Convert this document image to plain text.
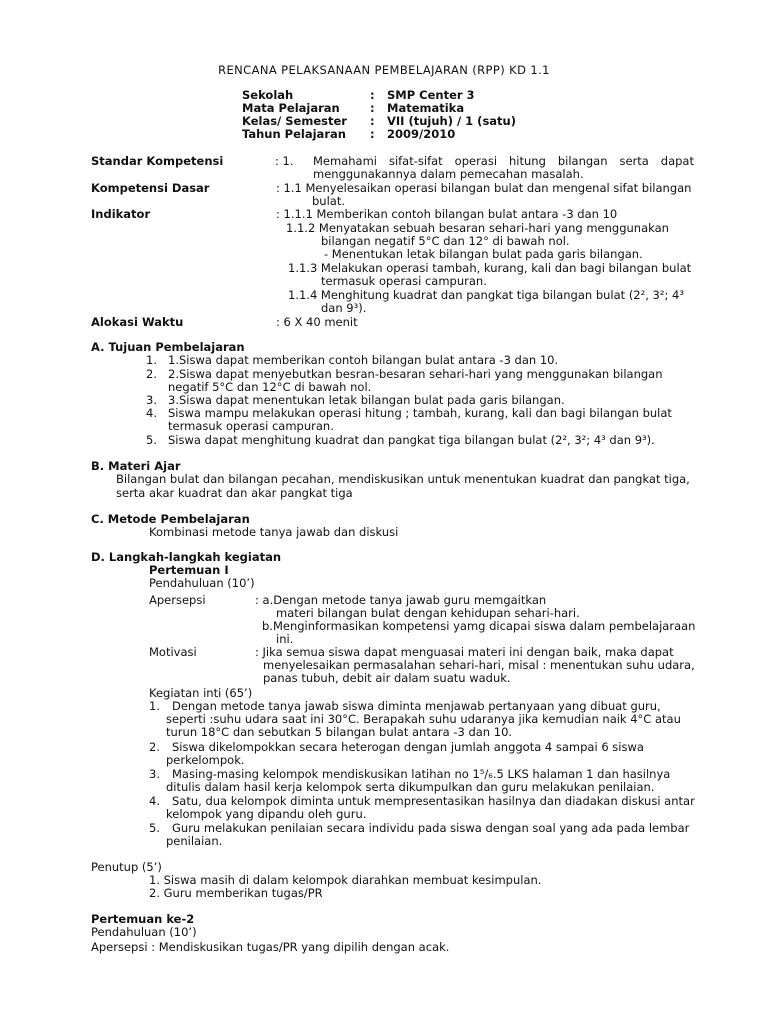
RENCANA PELAKSANAAN PEMBELAJARAN (RPP) KD 1.1
Sekolah	: SMP Center 3
Mata Pelajaran	: Matematika
Kelas/ Semester : VII (tujuh) / 1 (satu)
Tahun Pelajaran : 2009/2010
Standar Kompetensi	: 1. Memahami sifat-sifat operasi hitung bilangan serta dapat
menggunakannya dalam pemecahan masalah.
Kompetensi Dasar	: 1.1 Menyelesaikan operasi bilangan bulat dan mengenal sifat bilangan
bulat.
Indikator	: 1.1.1 Memberikan contoh bilangan bulat antara -3 dan 10
1.1.2 Menyatakan sebuah besaran sehari-hari yang menggunakan
bilangan negatif 5°C dan 12° di bawah nol.
- Menentukan letak bilangan bulat pada garis bilangan.
1.1.3 Melakukan operasi tambah, kurang, kali dan bagi bilangan bulat
termasuk operasi campuran.
1.1.4 Menghitung kuadrat dan pangkat tiga bilangan bulat (2², 3²; 4³
dan 9³).
Alokasi Waktu	: 6 X 40 menit
A. Tujuan Pembelajaran
1. 1.Siswa dapat memberikan contoh bilangan bulat antara -3 dan 10.
2. 2.Siswa dapat menyebutkan besran-besaran sehari-hari yang menggunakan bilangan
negatif 5°C dan 12°C di bawah nol.
3. 3.Siswa dapat menentukan letak bilangan bulat pada garis bilangan.
4. Siswa mampu melakukan operasi hitung ; tambah, kurang, kali dan bagi bilangan bulat
termasuk operasi campuran.
5. Siswa dapat menghitung kuadrat dan pangkat tiga bilangan bulat (2², 3²; 4³ dan 9³).
B. Materi Ajar
Bilangan bulat dan bilangan pecahan, mendiskusikan untuk menentukan kuadrat dan pangkat tiga,
serta akar kuadrat dan akar pangkat tiga
C. Metode Pembelajaran
Kombinasi metode tanya jawab dan diskusi
D. Langkah-langkah kegiatan
Pertemuan I
Pendahuluan (10’)
Apersepsi	: a.Dengan metode tanya jawab guru memgaitkan
materi bilangan bulat dengan kehidupan sehari-hari.
b.Menginformasikan kompetensi yamg dicapai siswa dalam pembelajaraan
ini.
Motivasi	: Jika semua siswa dapat menguasai materi ini dengan baik, maka dapat
menyelesaikan permasalahan sehari-hari, misal : menentukan suhu udara,
panas tubuh, debit air dalam suatu waduk.
Kegiatan inti (65’)
1. Dengan metode tanya jawab siswa diminta menjawab pertanyaan yang dibuat guru,
seperti :suhu udara saat ini 30°C. Berapakah suhu udaranya jika kemudian naik 4°C atau
turun 18°C dan sebutkan 5 bilangan bulat antara -3 dan 10.
2. Siswa dikelompokkan secara heterogan dengan jumlah anggota 4 sampai 6 siswa
perkelompok.
3. Masing-masing kelompok mendiskusikan latihan no 1⁵/₆.5 LKS halaman 1 dan hasilnya
ditulis dalam hasil kerja kelompok serta dikumpulkan dan guru melakukan penilaian.
4. Satu, dua kelompok diminta untuk mempresentasikan hasilnya dan diadakan diskusi antar
kelompok yang dipandu oleh guru.
5. Guru melakukan penilaian secara individu pada siswa dengan soal yang ada pada lembar
penilaian.
Penutup (5’)
1. Siswa masih di dalam kelompok diarahkan membuat kesimpulan.
2. Guru memberikan tugas/PR
Pertemuan ke-2
Pendahuluan (10’)
Apersepsi : Mendiskusikan tugas/PR yang dipilih dengan acak.
